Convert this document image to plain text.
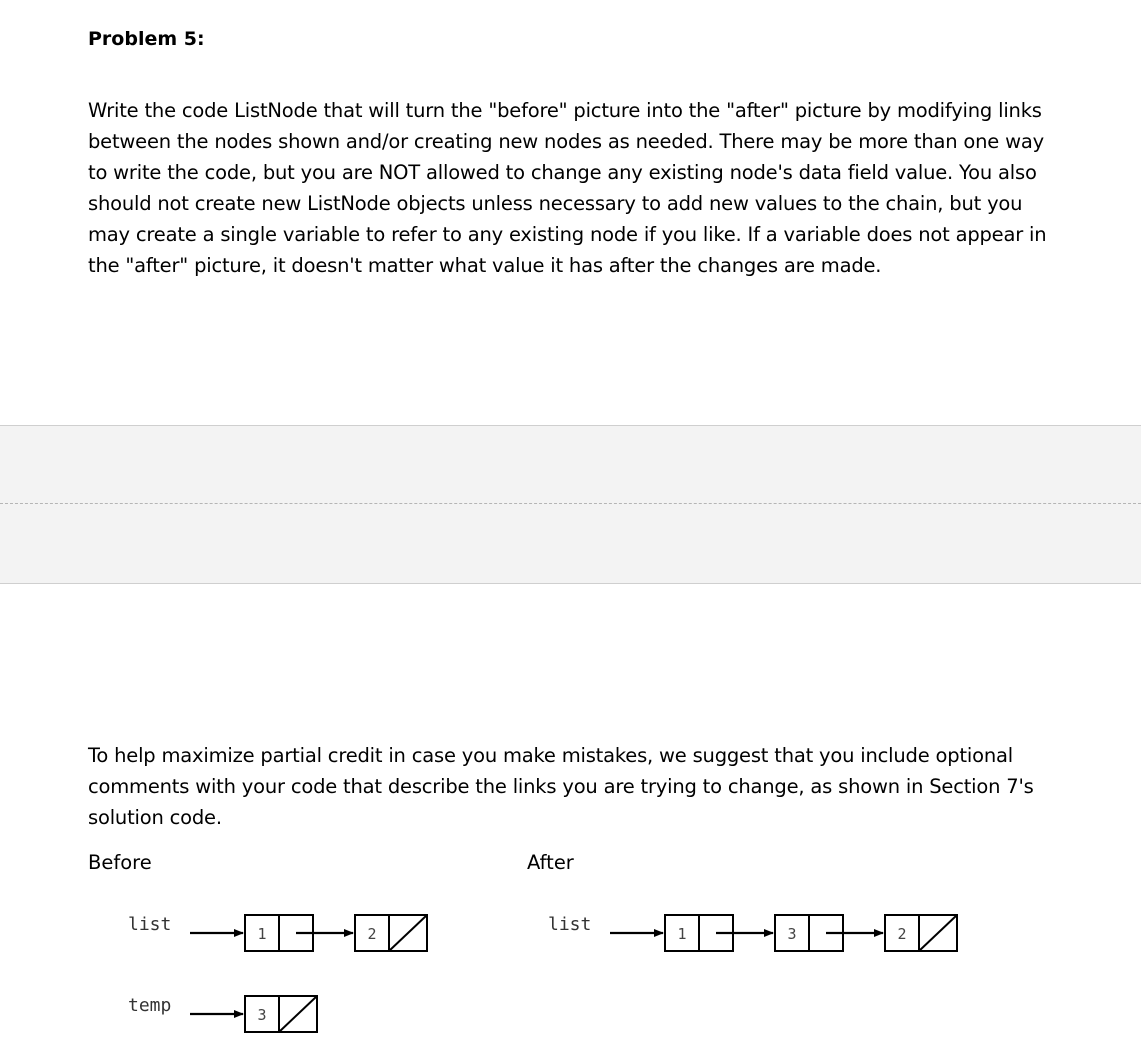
Problem 5:

Write the code ListNode that will turn the "before" picture into the "after" picture by modifying links between the nodes shown and/or creating new nodes as needed. There may be more than one way to write the code, but you are NOT allowed to change any existing node's data field value. You also should not create new ListNode objects unless necessary to add new values to the chain, but you may create a single variable to refer to any existing node if you like. If a variable does not appear in the "after" picture, it doesn't matter what value it has after the changes are made.

To help maximize partial credit in case you make mistakes, we suggest that you include optional comments with your code that describe the links you are trying to change, as shown in Section 7's solution code.

Before	After
list
temp
list
1	2
3
1	3	2
